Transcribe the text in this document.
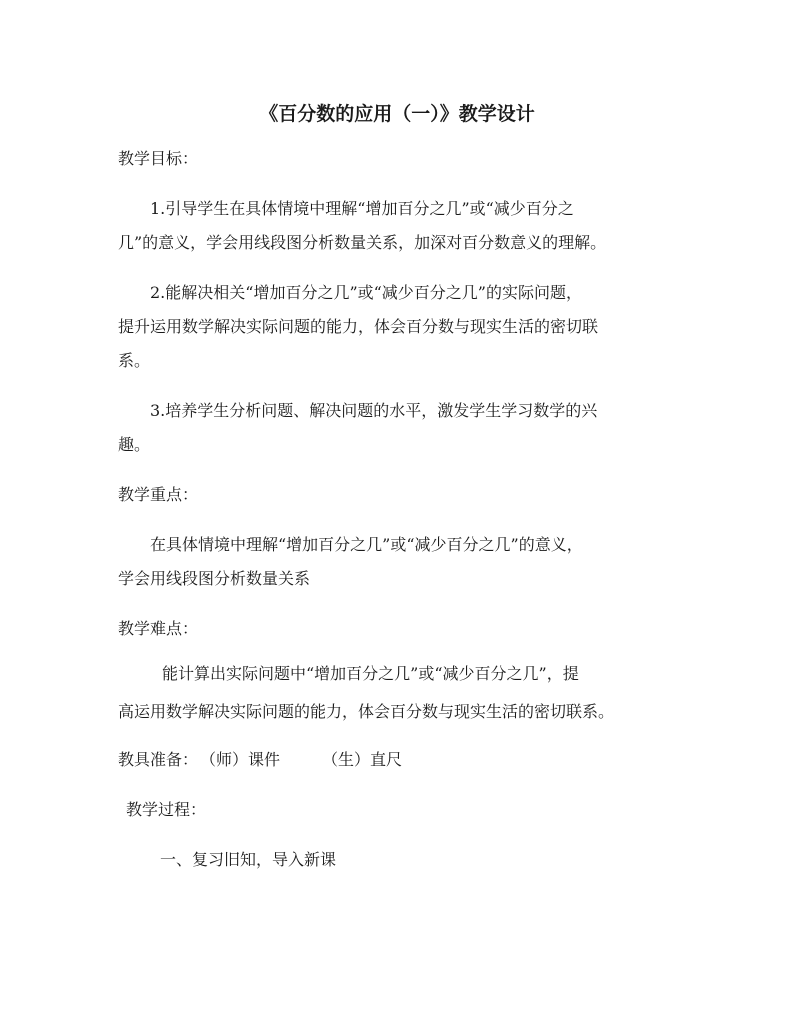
《百分数的应用（一）》教学设计
教学目标：
1.引导学生在具体情境中理解“增加百分之几”或“减少百分之
几”的意义，学会用线段图分析数量关系，加深对百分数意义的理解。
2.能解决相关“增加百分之几”或“减少百分之几”的实际问题，
提升运用数学解决实际问题的能力，体会百分数与现实生活的密切联
系。
3.培养学生分析问题、解决问题的水平，激发学生学习数学的兴
趣。
教学重点：
在具体情境中理解“增加百分之几”或“减少百分之几”的意义，
学会用线段图分析数量关系
教学难点：
能计算出实际问题中“增加百分之几”或“减少百分之几”，提
高运用数学解决实际问题的能力，体会百分数与现实生活的密切联系。
教具准备： （师）课件	（生）直尺
教学过程：
一、复习旧知，导入新课
